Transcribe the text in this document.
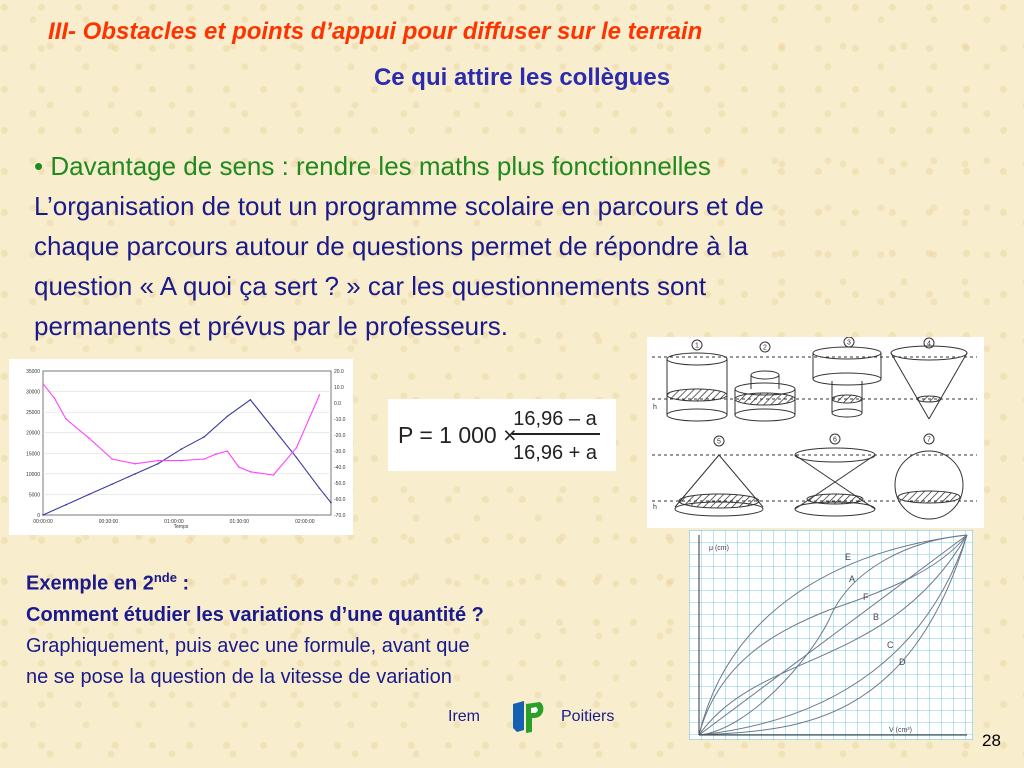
III- Obstacles et points d’appui pour diffuser sur le terrain
Ce qui attire les collègues
• Davantage de sens : rendre les maths plus fonctionnelles
L’organisation de tout un programme scolaire en parcours et de
chaque parcours autour de questions permet de répondre à la
question « A quoi ça sert ? » car les questionnements sont
permanents et prévus par le professeurs.
35000
30000
25000
20000
15000
10000
5000
0
20.0
10.0
0.0
-10.0
-20.0
-30.0
-40.0
-50.0
-60.0
-70.0
00:00:00	00:30:00	01:00:00	01:30:00	02:00:00
Temps
P = 1 000 ×
16,96 – a
16,96 + a
1	2
3	4
5	6	7
h
h
E
A
F
B
C
D
μ (cm)
V (cm³)
Exemple en 2nde :
Comment étudier les variations d’une quantité ?
Graphiquement, puis avec une formule, avant que
ne se pose la question de la vitesse de variation
Irem	Poitiers
28
